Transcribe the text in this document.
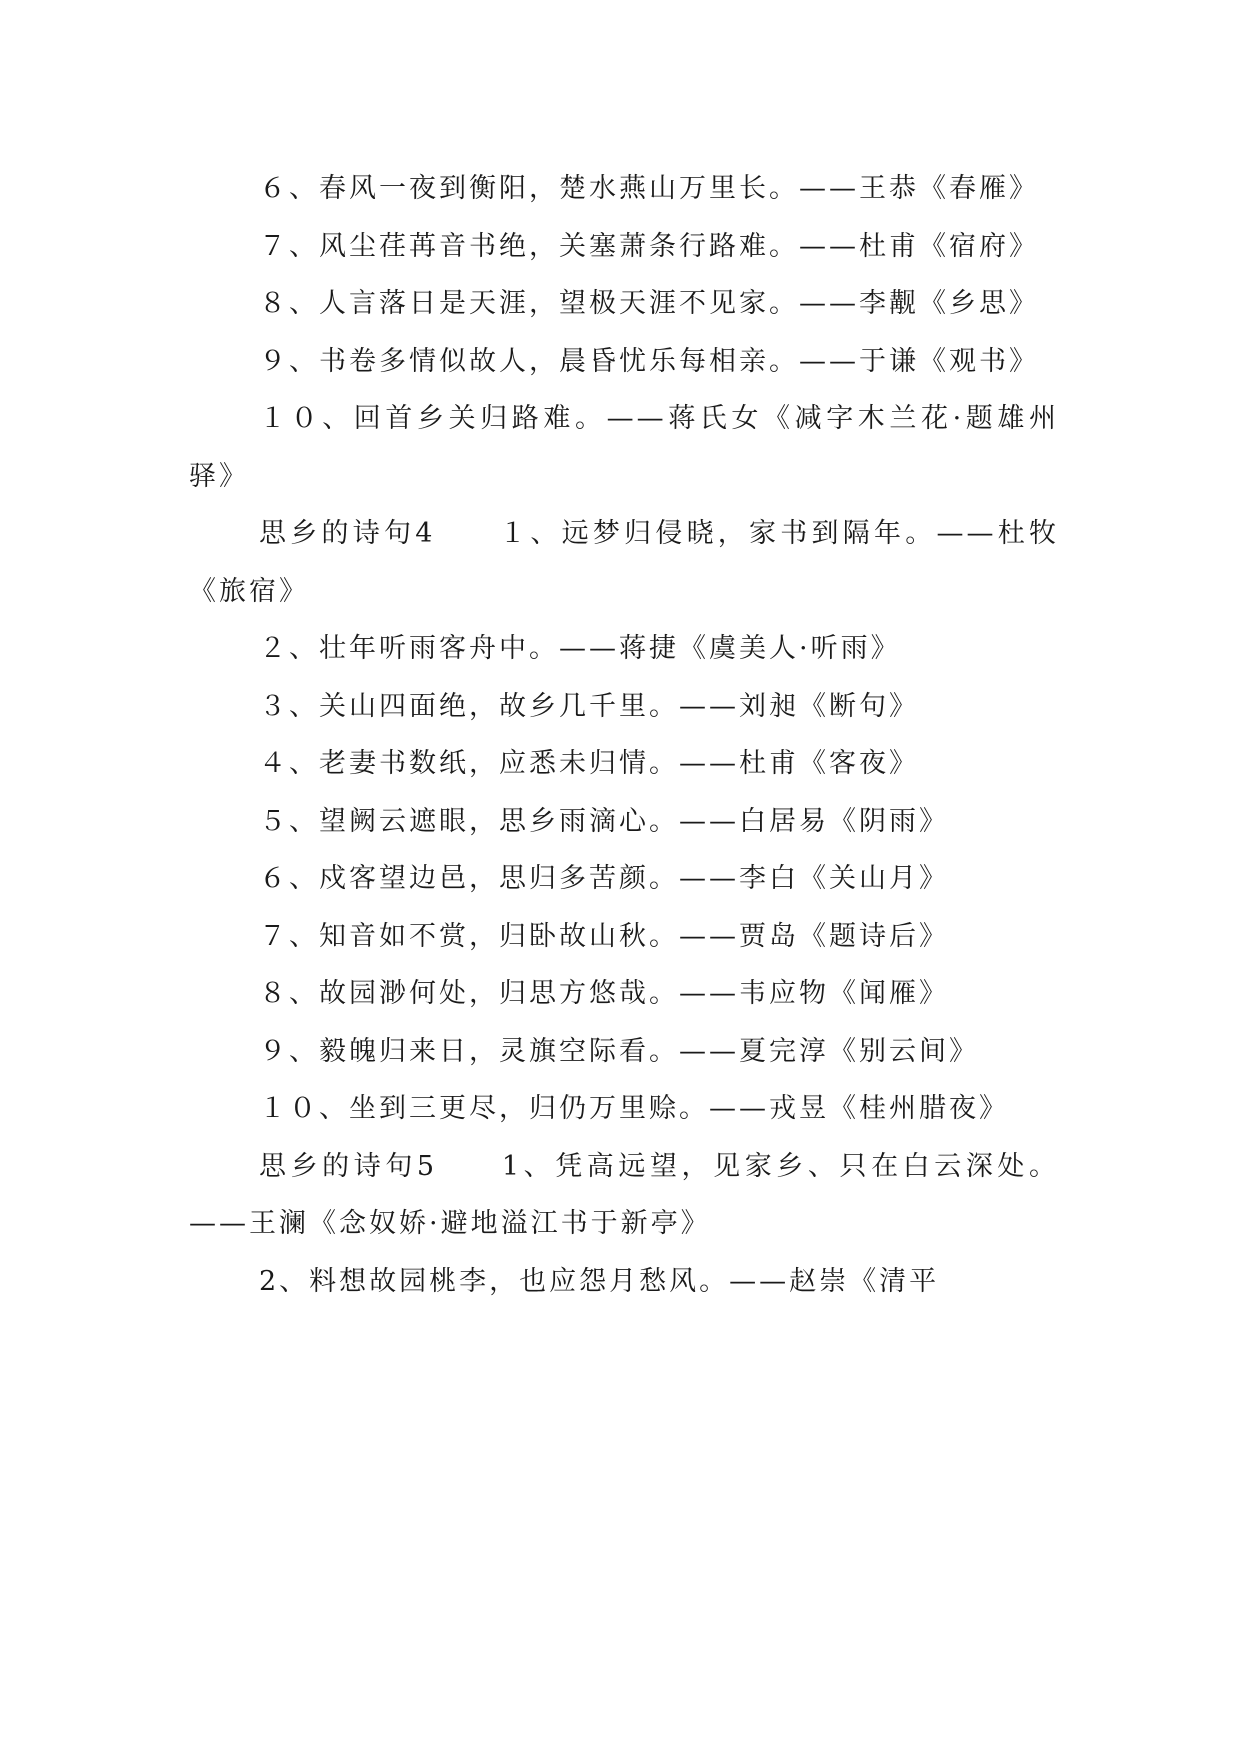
６、春风一夜到衡阳，楚水燕山万里长。——王恭《春雁》

７、风尘荏苒音书绝，关塞萧条行路难。——杜甫《宿府》

８、人言落日是天涯，望极天涯不见家。——李觏《乡思》

９、书卷多情似故人，晨昏忧乐每相亲。——于谦《观书》

１０、回首乡关归路难。——蒋氏女《减字木兰花·题雄州驿》

思乡的诗句4　　１、远梦归侵晓，家书到隔年。——杜牧《旅宿》

２、壮年听雨客舟中。——蒋捷《虞美人·听雨》

３、关山四面绝，故乡几千里。——刘昶《断句》

４、老妻书数纸，应悉未归情。——杜甫《客夜》

５、望阙云遮眼，思乡雨滴心。——白居易《阴雨》

６、戍客望边邑，思归多苦颜。——李白《关山月》

７、知音如不赏，归卧故山秋。——贾岛《题诗后》

８、故园渺何处，归思方悠哉。——韦应物《闻雁》

９、毅魄归来日，灵旗空际看。——夏完淳《别云间》

１０、坐到三更尽，归仍万里赊。——戎昱《桂州腊夜》

思乡的诗句5　　1、凭高远望，见家乡、只在白云深处。——王澜《念奴娇·避地溢江书于新亭》

2、料想故园桃李，也应怨月愁风。——赵崇《清平
